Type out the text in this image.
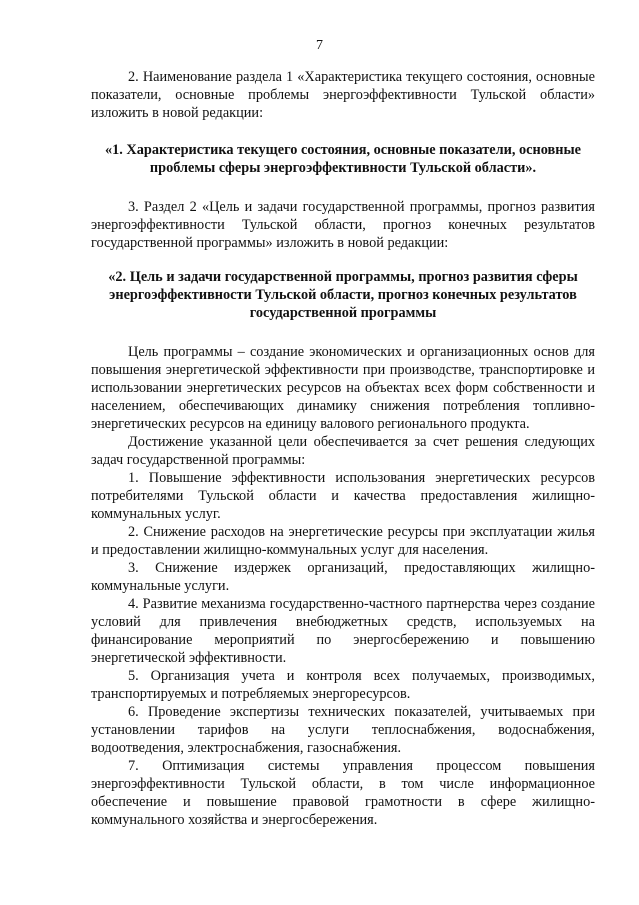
7

2. Наименование раздела 1 «Характеристика текущего состояния, основные показатели, основные проблемы энергоэффективности Тульской области» изложить в новой редакции:

«1. Характеристика текущего состояния, основные показатели, основные проблемы сферы энергоэффективности Тульской области».

3. Раздел 2 «Цель и задачи государственной программы, прогноз развития энергоэффективности Тульской области, прогноз конечных результатов государственной программы» изложить в новой редакции:

«2. Цель и задачи государственной программы, прогноз развития сферы энергоэффективности Тульской области, прогноз конечных результатов государственной программы

Цель программы – создание экономических и организационных основ для повышения энергетической эффективности при производстве, транспортировке и использовании энергетических ресурсов на объектах всех форм собственности и населением, обеспечивающих динамику снижения потребления топливно-энергетических ресурсов на единицу валового регионального продукта.

Достижение указанной цели обеспечивается за счет решения следующих задач государственной программы:

1. Повышение эффективности использования энергетических ресурсов потребителями Тульской области и качества предоставления жилищно-коммунальных услуг.

2. Снижение расходов на энергетические ресурсы при эксплуатации жилья и предоставлении жилищно-коммунальных услуг для населения.

3. Снижение издержек организаций, предоставляющих жилищно-коммунальные услуги.

4. Развитие механизма государственно-частного партнерства через создание условий для привлечения внебюджетных средств, используемых на финансирование мероприятий по энергосбережению и повышению энергетической эффективности.

5. Организация учета и контроля всех получаемых, производимых, транспортируемых и потребляемых энергоресурсов.

6. Проведение экспертизы технических показателей, учитываемых при установлении тарифов на услуги теплоснабжения, водоснабжения, водоотведения, электроснабжения, газоснабжения.

7. Оптимизация системы управления процессом повышения энергоэффективности Тульской области, в том числе информационное обеспечение и повышение правовой грамотности в сфере жилищно-коммунального хозяйства и энергосбережения.
